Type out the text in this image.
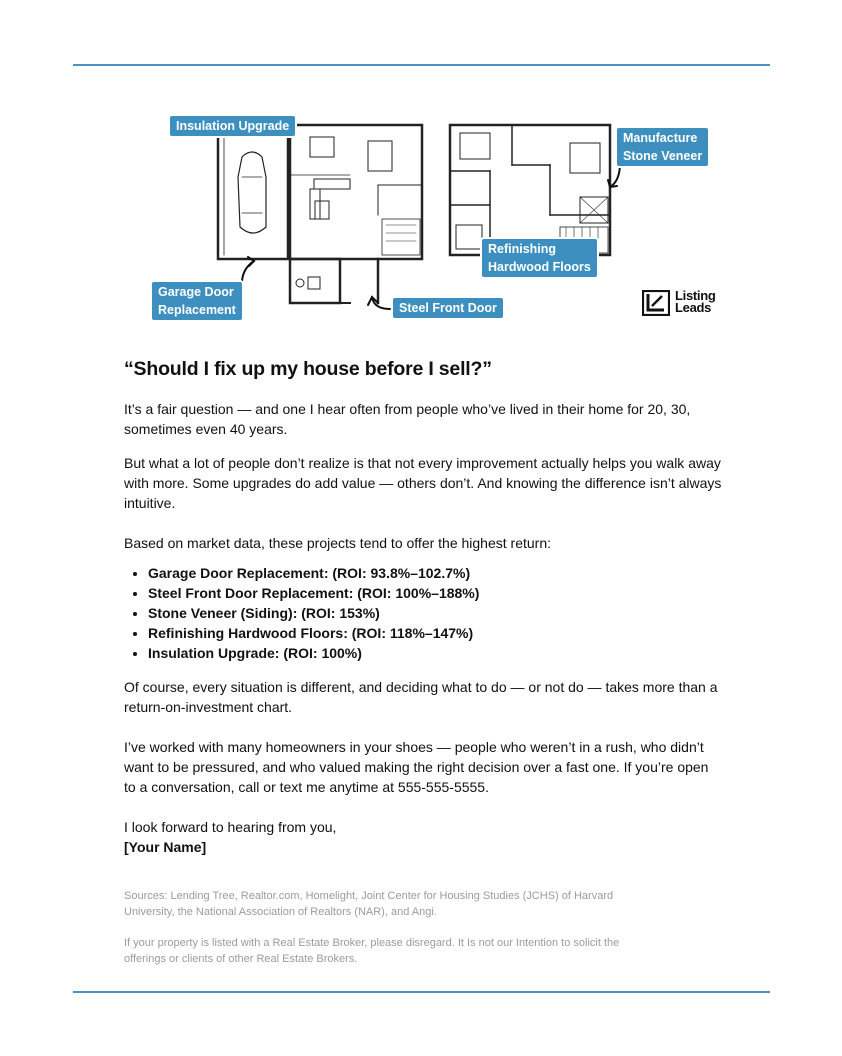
Insulation Upgrade
Manufacture
Stone Veneer
Refinishing
Hardwood Floors
Garage Door
Replacement	Steel Front Door
Listing
Leads
“Should I fix up my house before I sell?”

It’s a fair question — and one I hear often from people who’ve lived in their home for 20, 30, sometimes even 40 years.

But what a lot of people don’t realize is that not every improvement actually helps you walk away with more. Some upgrades do add value — others don’t. And knowing the difference isn’t always intuitive.

Based on market data, these projects tend to offer the highest return:

• Garage Door Replacement: (ROI: 93.8%–102.7%)
• Steel Front Door Replacement: (ROI: 100%–188%)
• Stone Veneer (Siding): (ROI: 153%)
• Refinishing Hardwood Floors: (ROI: 118%–147%)
• Insulation Upgrade: (ROI: 100%)

Of course, every situation is different, and deciding what to do — or not do — takes more than a return-on-investment chart.

I’ve worked with many homeowners in your shoes — people who weren’t in a rush, who didn’t want to be pressured, and who valued making the right decision over a fast one. If you’re open to a conversation, call or text me anytime at 555-555-5555.

I look forward to hearing from you,
[Your Name]

Sources: Lending Tree, Realtor.com, Homelight, Joint Center for Housing Studies (JCHS) of Harvard University, the National Association of Realtors (NAR), and Angi.

If your property is listed with a Real Estate Broker, please disregard. It Is not our Intention to solicit the offerings or clients of other Real Estate Brokers.
